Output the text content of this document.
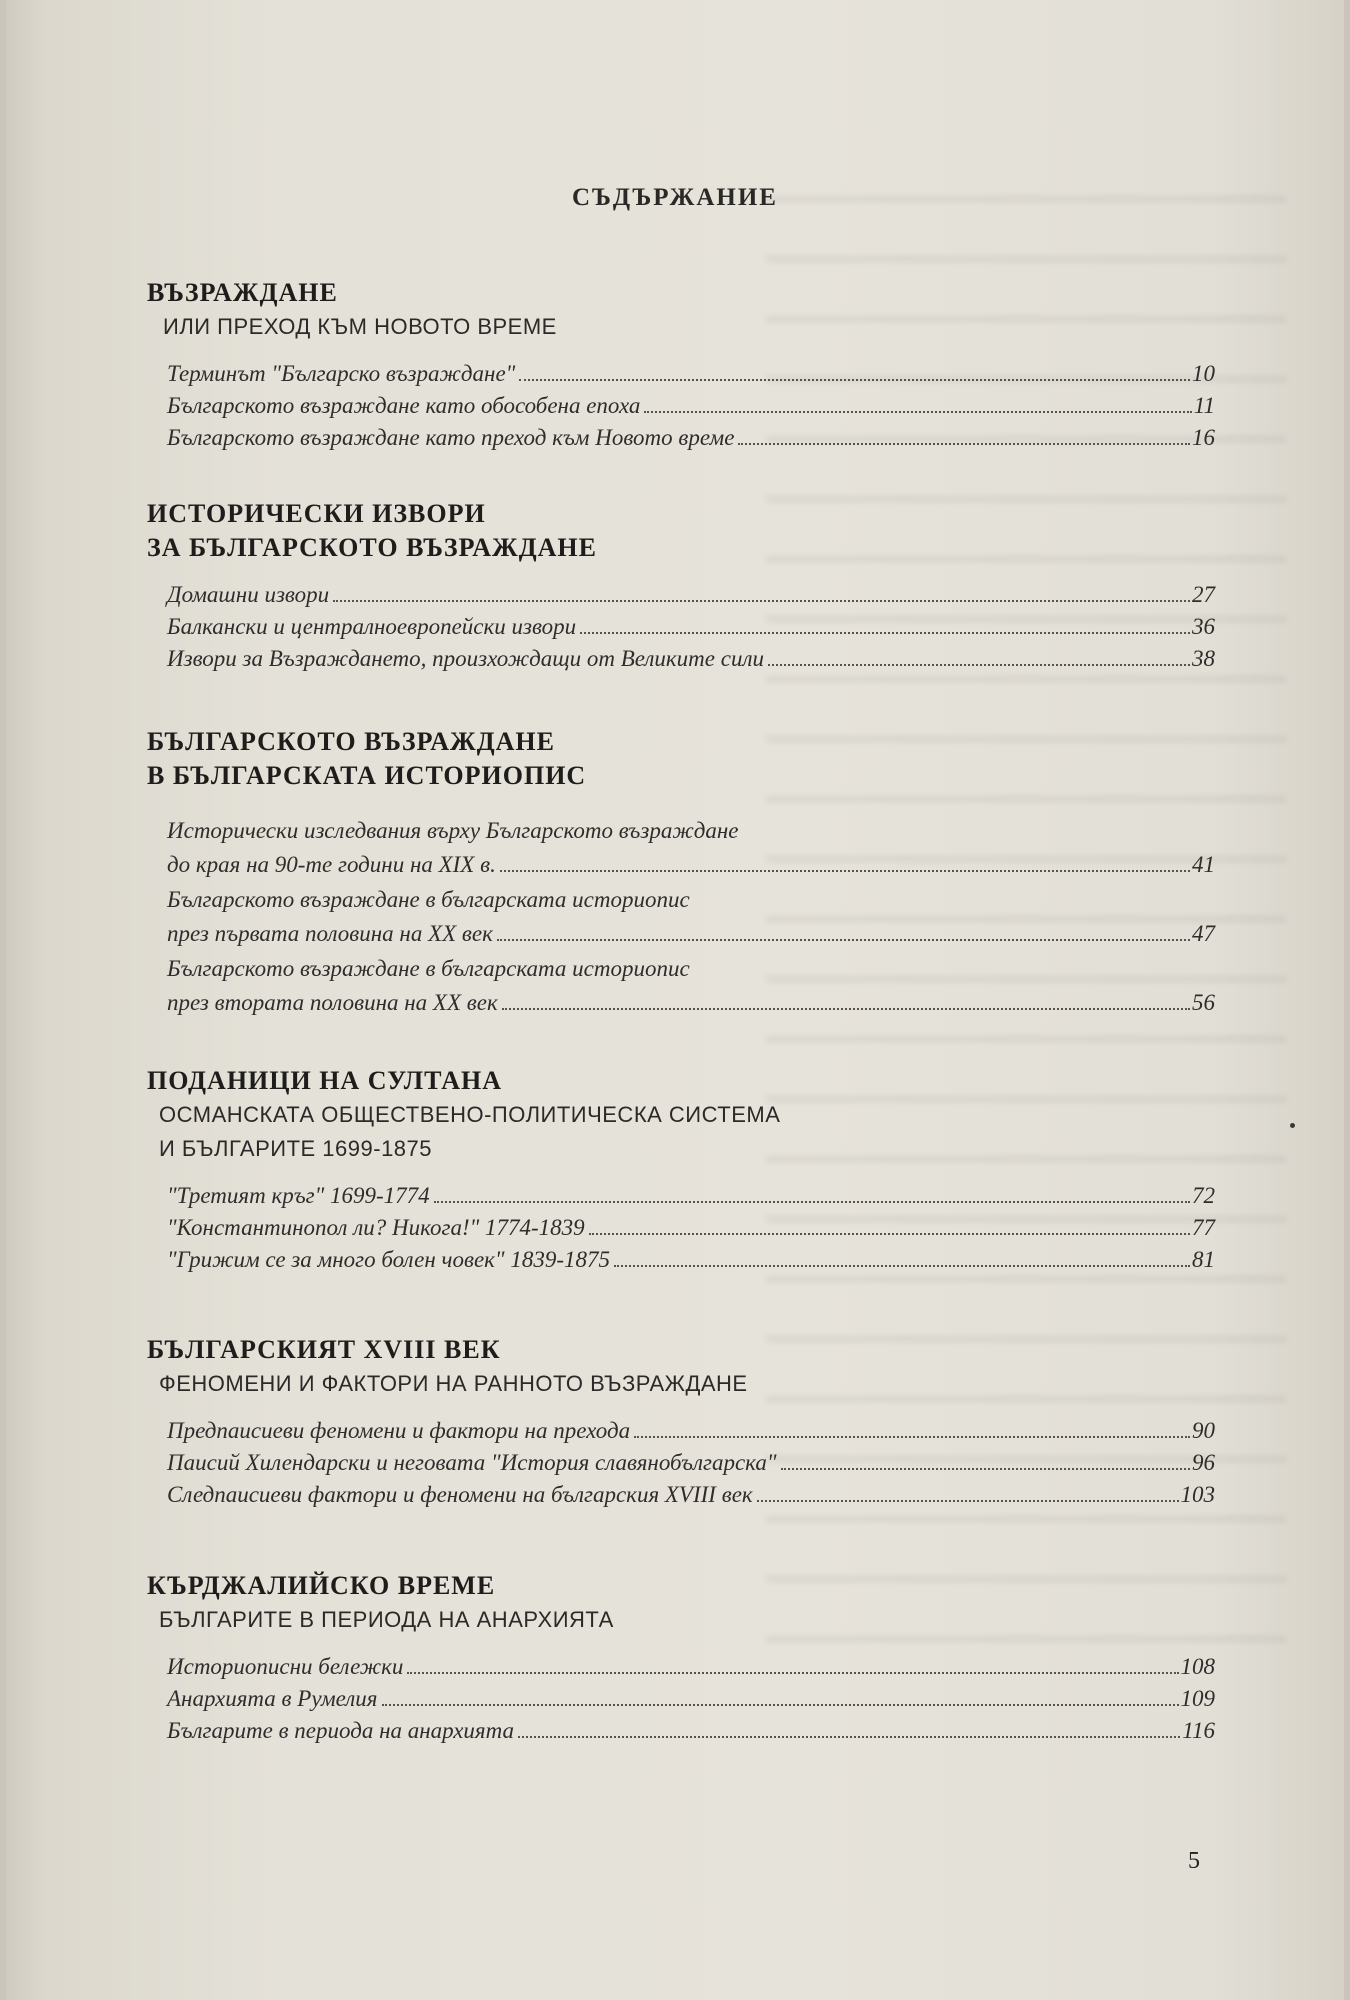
СЪДЪРЖАНИЕ
ВЪЗРАЖДАНЕ
ИЛИ ПРЕХОД КЪМ НОВОТО ВРЕМЕ
Терминът "Българско възраждане"	10
Българското възраждане като обособена епоха	11
Българското възраждане като преход към Новото време	16
ИСТОРИЧЕСКИ ИЗВОРИ
ЗА БЪЛГАРСКОТО ВЪЗРАЖДАНЕ
Домашни извори	27
Балкански и централноевропейски извори	36
Извори за Възраждането, произхождащи от Великите сили	38
БЪЛГАРСКОТО ВЪЗРАЖДАНЕ
В БЪЛГАРСКАТА ИСТОРИОПИС
Исторически изследвания върху Българското възраждане
до края на 90-те години на XIX в.	41
Българското възраждане в българската историопис
през първата половина на XX век	47
Българското възраждане в българската историопис
през втората половина на XX век	56
ПОДАНИЦИ НА СУЛТАНА
ОСМАНСКАТА ОБЩЕСТВЕНО-ПОЛИТИЧЕСКА СИСТЕМА
И БЪЛГАРИТЕ 1699-1875
"Третият кръг" 1699-1774	72
"Константинопол ли? Никога!" 1774-1839	77
"Грижим се за много болен човек" 1839-1875	81
БЪЛГАРСКИЯТ XVIII ВЕК
ФЕНОМЕНИ И ФАКТОРИ НА РАННОТО ВЪЗРАЖДАНЕ
Предпаисиеви феномени и фактори на прехода	90
Паисий Хилендарски и неговата "История славянобългарска"	96
Следпаисиеви фактори и феномени на българския XVIII век	103
КЪРДЖАЛИЙСКО ВРЕМЕ
БЪЛГАРИТЕ В ПЕРИОДА НА АНАРХИЯТА
Историописни бележки	108
Анархията в Румелия	109
Българите в периода на анархията	116
5
